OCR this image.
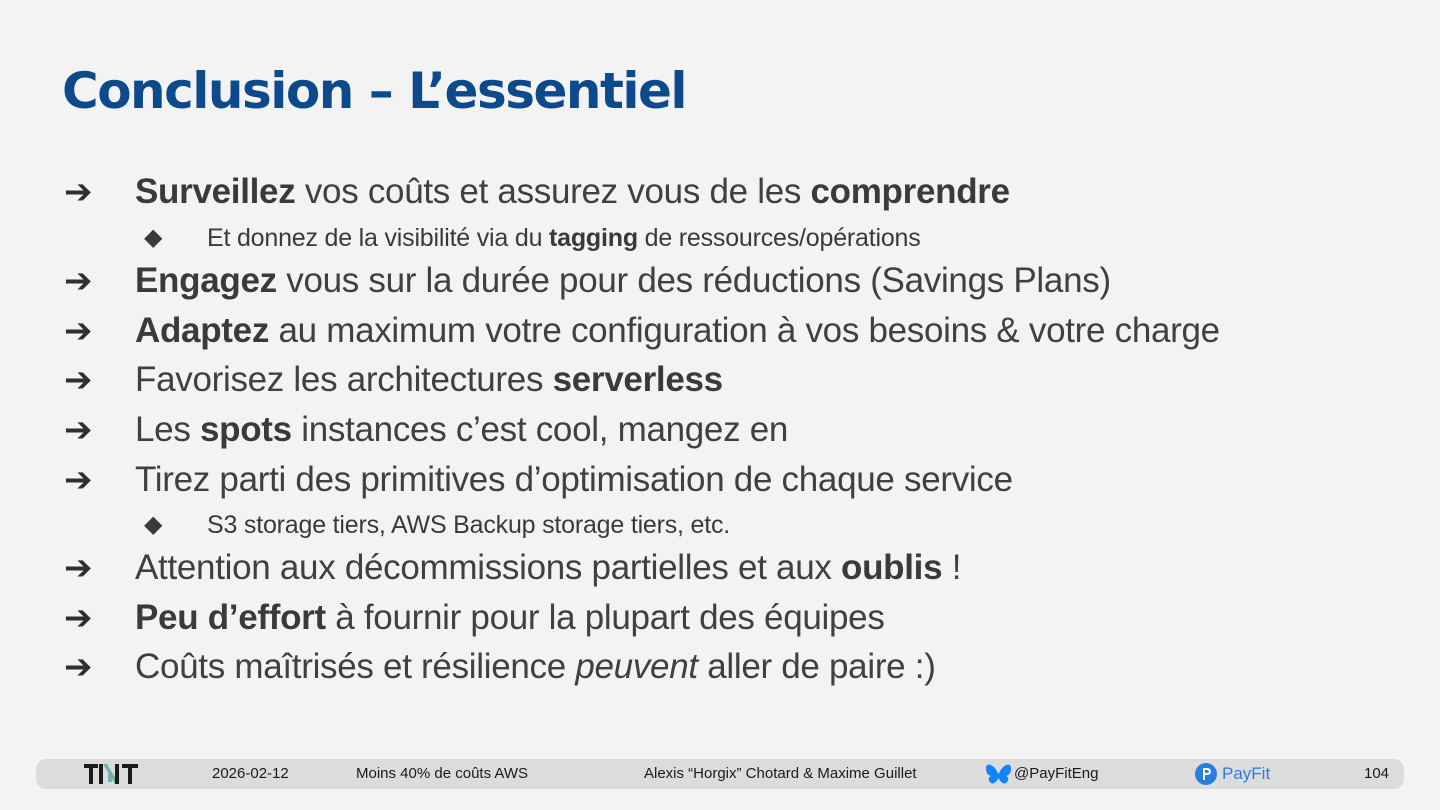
Conclusion – L’essentiel
➔ Surveillez vos coûts et assurez vous de les comprendre
◆ Et donnez de la visibilité via du tagging de ressources/opérations
➔ Engagez vous sur la durée pour des réductions (Savings Plans)
➔ Adaptez au maximum votre configuration à vos besoins & votre charge
➔ Favorisez les architectures serverless
➔ Les spots instances c’est cool, mangez en
➔ Tirez parti des primitives d’optimisation de chaque service
◆ S3 storage tiers, AWS Backup storage tiers, etc.
➔ Attention aux décommissions partielles et aux oublis !
➔ Peu d’effort à fournir pour la plupart des équipes
➔ Coûts maîtrisés et résilience peuvent aller de paire :)
2026-02-12	Moins 40% de coûts AWS	Alexis “Horgix” Chotard & Maxime Guillet	@PayFitEng	PayFit	104
